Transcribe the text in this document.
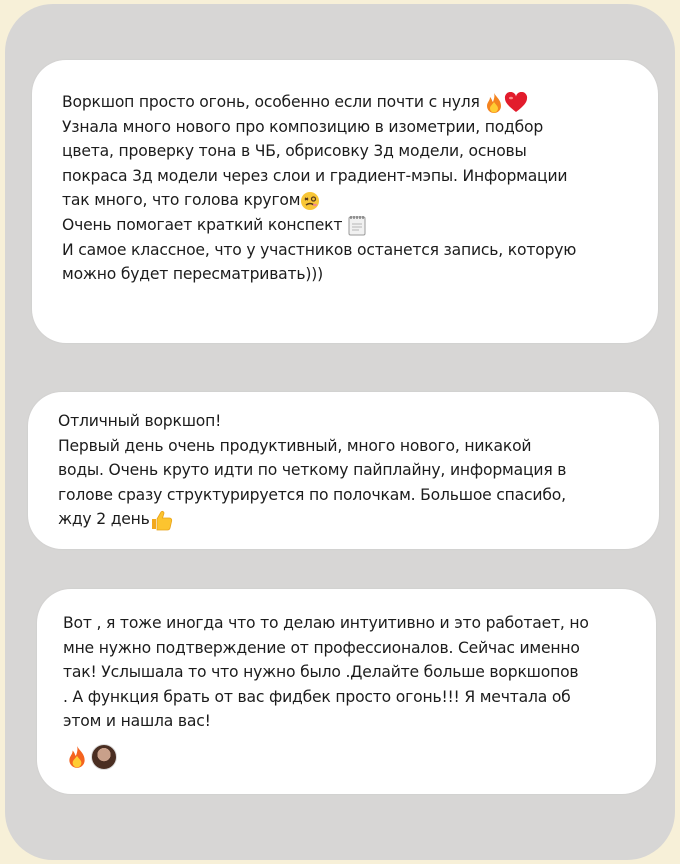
Воркшоп просто огонь, особенно если почти с нуля

Узнала много нового про композицию в изометрии, подбор
цвета, проверку тона в ЧБ, обрисовку 3д модели, основы
покраса 3д модели через слои и градиент-мэпы. Информации
так много, что голова кругом

Очень помогает краткий конспект

И самое классное, что у участников останется запись, которую
можно будет пересматривать)))
Отличный воркшоп!
Первый день очень продуктивный, много нового, никакой
воды. Очень круто идти по четкому пайплайну, информация в
голове сразу структурируется по полочкам. Большое спасибо,
жду 2 день
Вот , я тоже иногда что то делаю интуитивно и это работает, но
мне нужно подтверждение от профессионалов. Сейчас именно
так! Услышала то что нужно было .Делайте больше воркшопов
. А функция брать от вас фидбек просто огонь!!! Я мечтала об
этом и нашла вас!
